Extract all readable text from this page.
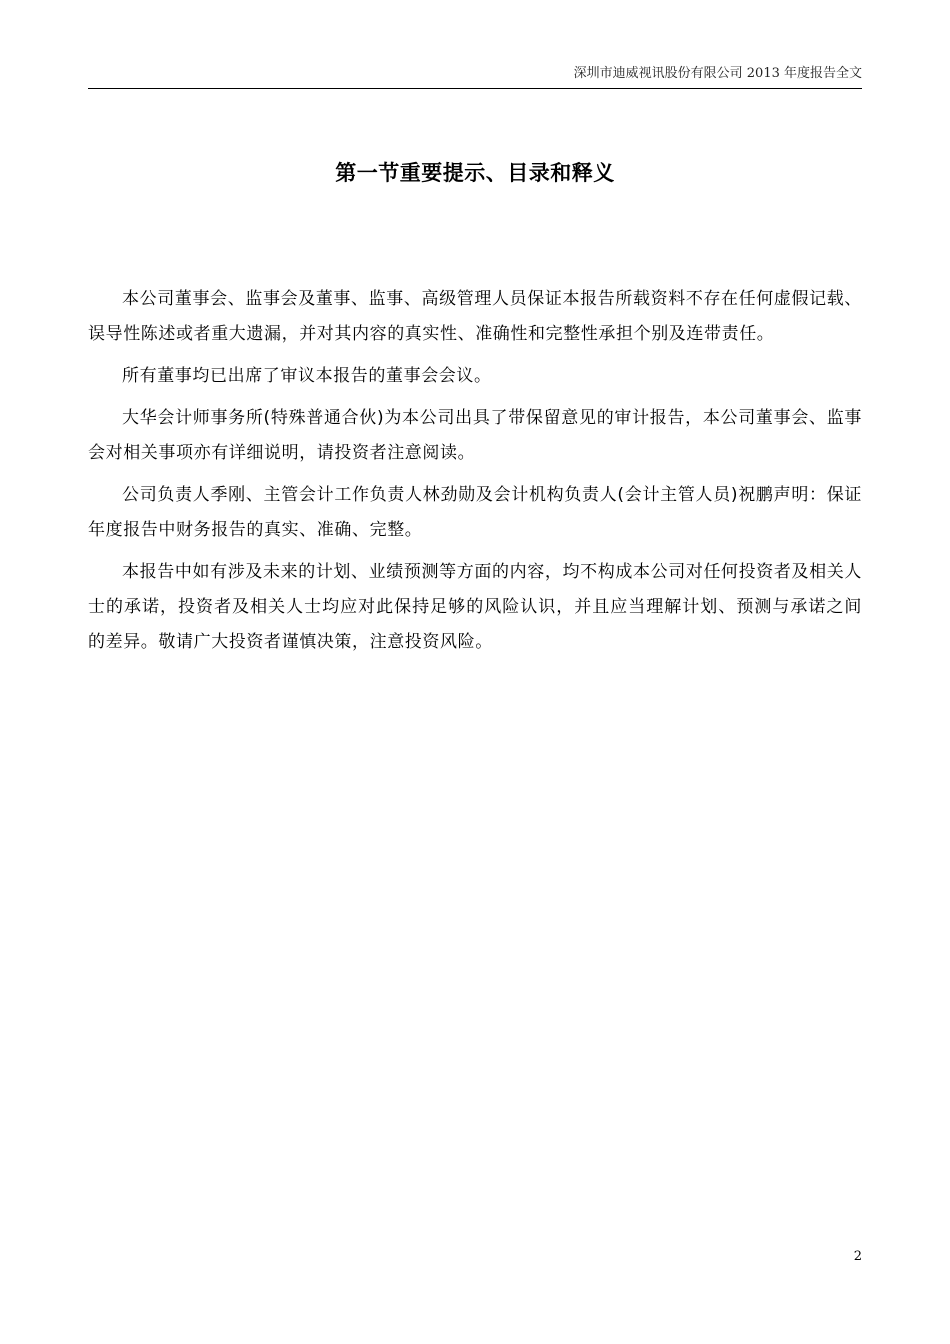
深圳市迪威视讯股份有限公司 2013 年度报告全文
第一节重要提示、目录和释义

本公司董事会、监事会及董事、监事、高级管理人员保证本报告所载资料不存在任何虚假记载、误导性陈述或者重大遗漏，并对其内容的真实性、准确性和完整性承担个别及连带责任。

所有董事均已出席了审议本报告的董事会会议。

大华会计师事务所(特殊普通合伙)为本公司出具了带保留意见的审计报告，本公司董事会、监事会对相关事项亦有详细说明，请投资者注意阅读。

公司负责人季刚、主管会计工作负责人林劲勋及会计机构负责人(会计主管人员)祝鹏声明：保证年度报告中财务报告的真实、准确、完整。

本报告中如有涉及未来的计划、业绩预测等方面的内容，均不构成本公司对任何投资者及相关人士的承诺，投资者及相关人士均应对此保持足够的风险认识，并且应当理解计划、预测与承诺之间的差异。敬请广大投资者谨慎决策，注意投资风险。

2
